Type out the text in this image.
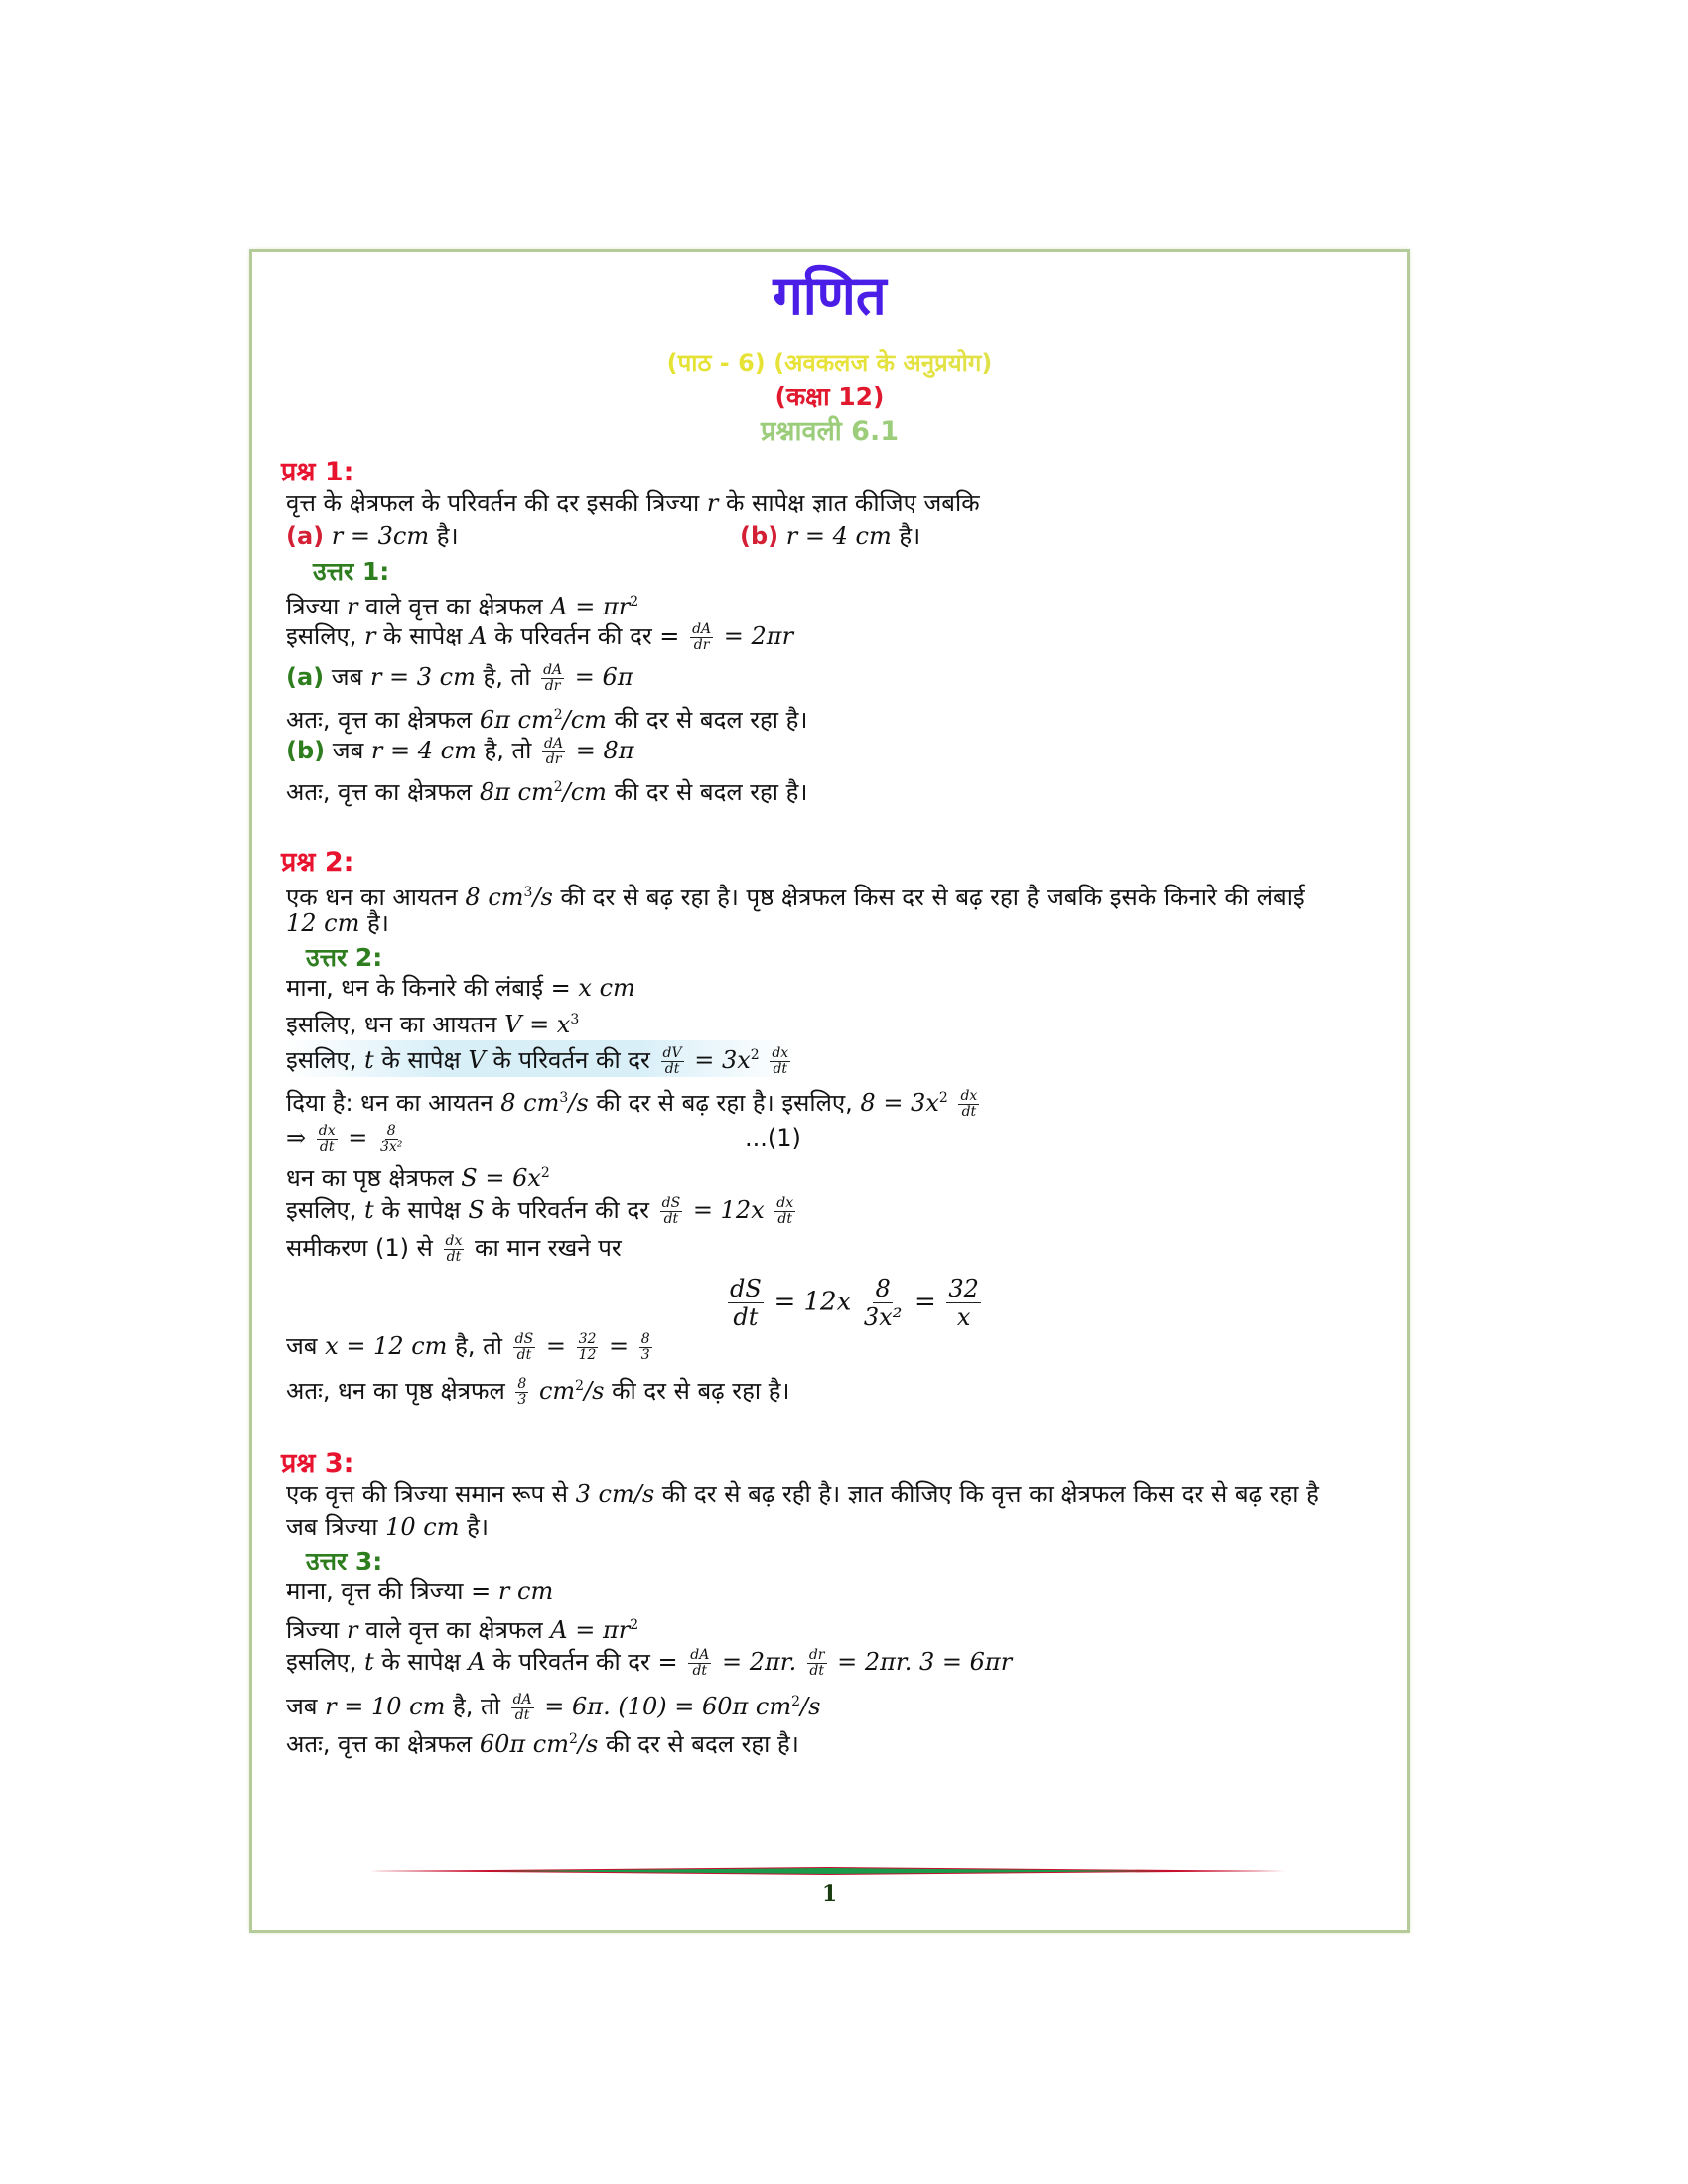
गणित
(पाठ - 6) (अवकलज के अनुप्रयोग)
(कक्षा 12)
प्रश्नावली 6.1
प्रश्न 1:
वृत्त के क्षेत्रफल के परिवर्तन की दर इसकी त्रिज्या r के सापेक्ष ज्ञात कीजिए जबकि
(a) r = 3cm है।	(b) r = 4 cm है।
उत्तर 1:
त्रिज्या r वाले वृत्त का क्षेत्रफल $A = \pi r^2$
इसलिए, r के सापेक्ष A के परिवर्तन की दर = $\frac{dA}{dr} = 2\pi r$
(a) जब r = 3 cm है, तो $\frac{dA}{dr} = 6\pi$
अतः, वृत्त का क्षेत्रफल 6π $cm^2/cm$ की दर से बदल रहा है।
(b) जब r = 4 cm है, तो $\frac{dA}{dr} = 8\pi$
अतः, वृत्त का क्षेत्रफल 8π $cm^2/cm$ की दर से बदल रहा है।
प्रश्न 2:
एक धन का आयतन 8 $cm^3/s$ की दर से बढ़ रहा है। पृष्ठ क्षेत्रफल किस दर से बढ़ रहा है जबकि इसके किनारे की लंबाई
12 cm है।
उत्तर 2:
माना, धन के किनारे की लंबाई = x cm
इसलिए, धन का आयतन $V = x^3$
इसलिए, t के सापेक्ष V के परिवर्तन की दर $\frac{dV}{dt} = 3x^2 \frac{dx}{dt}$
दिया है: धन का आयतन 8 $cm^3/s$ की दर से बढ़ रहा है। इसलिए, $8 = 3x^2 \frac{dx}{dt}$
⇒ $\frac{dx}{dt} = \frac{8}{\text{3x²}}$	...(1)
धन का पृष्ठ क्षेत्रफल $S = 6x^2$
इसलिए, t के सापेक्ष S के परिवर्तन की दर $\frac{dS}{dt} = 12x \frac{dx}{dt}$
समीकरण (1) से $\frac{dx}{dt}$ का मान रखने पर
$\frac{dS}{dt} = 12x \frac{8}{\text{3x²}} = \frac{32}{x}$
जब x = 12 cm है, तो $\frac{dS}{dt} = \frac{32}{12} = \frac{8}{3}$
अतः, धन का पृष्ठ क्षेत्रफल $\frac{8}{3} cm^2/s$ की दर से बढ़ रहा है।
प्रश्न 3:
एक वृत्त की त्रिज्या समान रूप से 3 cm/s की दर से बढ़ रही है। ज्ञात कीजिए कि वृत्त का क्षेत्रफल किस दर से बढ़ रहा है
जब त्रिज्या 10 cm है।
उत्तर 3:
माना, वृत्त की त्रिज्या = r cm
त्रिज्या r वाले वृत्त का क्षेत्रफल $A = \pi r^2$
इसलिए, t के सापेक्ष A के परिवर्तन की दर = $\frac{dA}{dt} = 2\pi r$. $\frac{dr}{dt} = 2\pi r$. 3 = 6πr
जब r = 10 cm है, तो $\frac{dA}{dt} = 6\pi$. (10) = 60π $cm^2/s$
अतः, वृत्त का क्षेत्रफल 60π $cm^2/s$ की दर से बदल रहा है।
1
